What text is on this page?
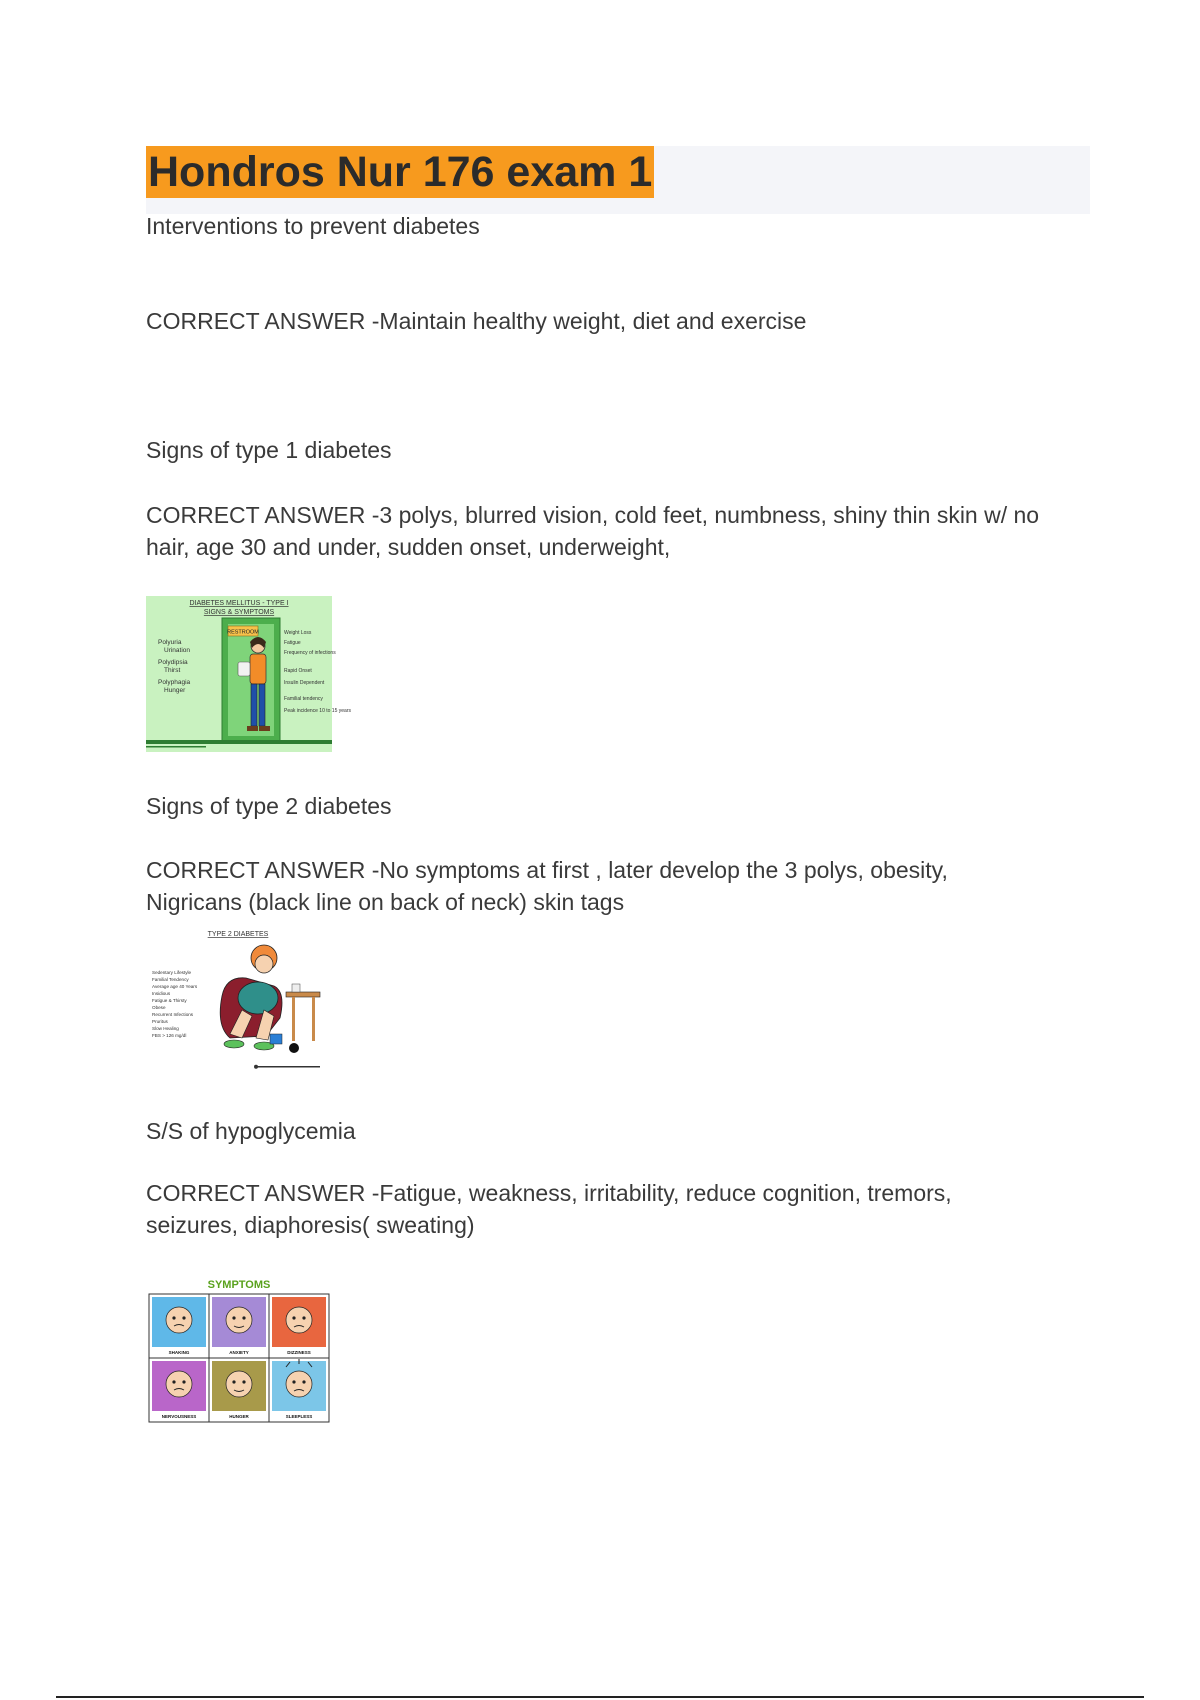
Hondros Nur 176 exam 1
Interventions to prevent diabetes
CORRECT ANSWER -Maintain healthy weight, diet and exercise
Signs of type 1 diabetes
CORRECT ANSWER -3 polys, blurred vision, cold feet, numbness, shiny thin skin w/ no
hair, age 30 and under, sudden onset, underweight,
DIABETES MELLITUS - TYPE I
SIGNS & SYMPTOMS
RESTROOM
Polyuria
Urination
Polydipsia
Thirst
Polyphagia
Hunger
Weight Loss
Fatigue
Frequency of infections
Rapid Onset
Insulin Dependent
Familial tendency
Peak incidence 10 to 15 years
Signs of type 2 diabetes
CORRECT ANSWER -No symptoms at first , later develop the 3 polys, obesity,
Nigricans (black line on back of neck) skin tags
TYPE 2 DIABETES
Sedentary Lifestyle
Familial Tendency
Average age 40 Years
Insidious
Fatigue & Thirsty
Obese
Recurrent Infections
Pruritus
Slow Healing
FBS > 126 mg/dl
S/S of hypoglycemia
CORRECT ANSWER -Fatigue, weakness, irritability, reduce cognition, tremors,
seizures, diaphoresis( sweating)
SYMPTOMS
SHAKING	ANXIETY	DIZZINESS
NERVOUSNESS	HUNGER	SLEEPLESS
